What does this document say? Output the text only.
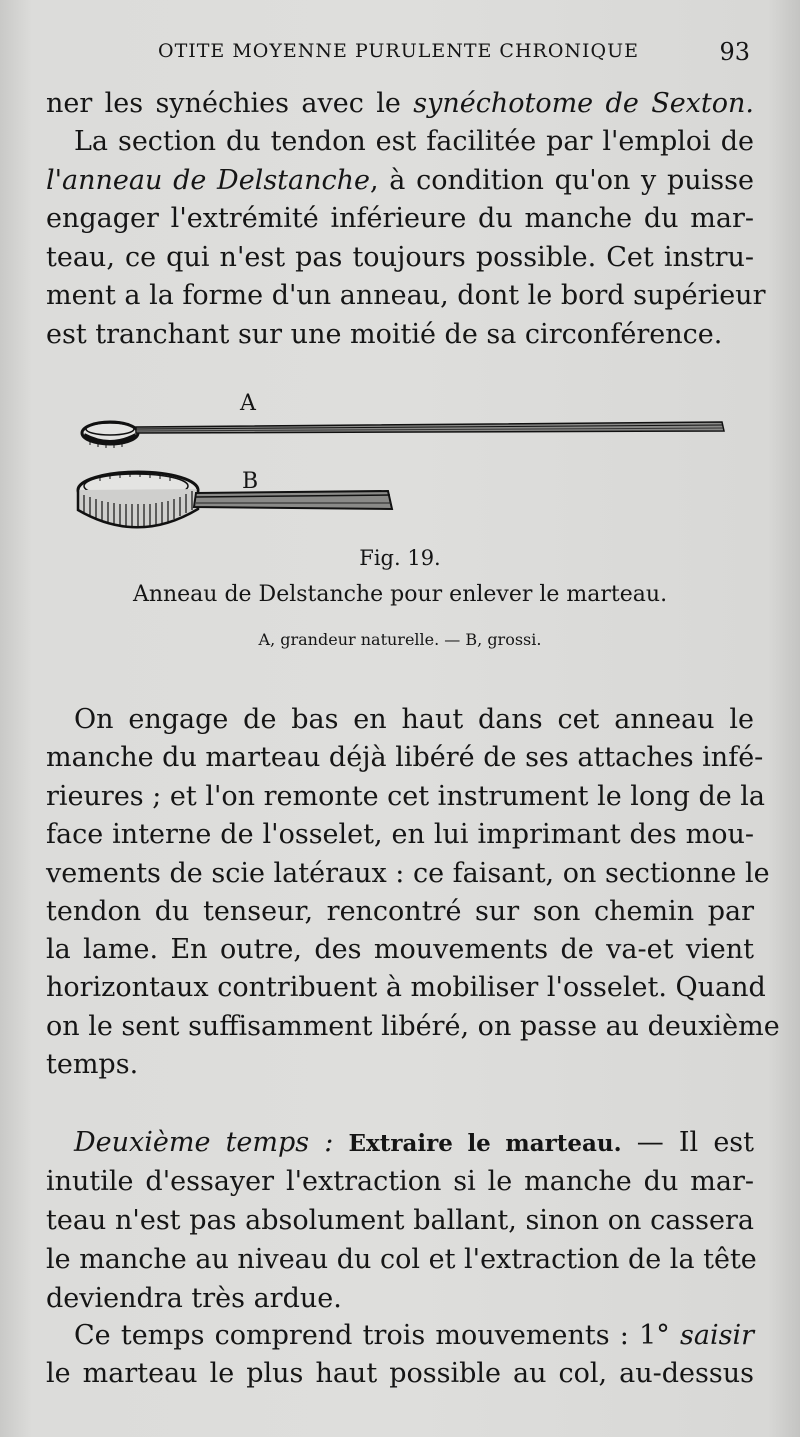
OTITE MOYENNE PURULENTE CHRONIQUE	93
ner les synéchies avec le synéchotome de Sexton.
La section du tendon est facilitée par l'emploi de
l'anneau de Delstanche, à condition qu'on y puisse
engager l'extrémité inférieure du manche du mar-
teau, ce qui n'est pas toujours possible. Cet instru-
ment a la forme d'un anneau, dont le bord supérieur
est tranchant sur une moitié de sa circonférence.
A
B
Fig. 19.
Anneau de Delstanche pour enlever le marteau.
A, grandeur naturelle. — B, grossi.
On engage de bas en haut dans cet anneau le
manche du marteau déjà libéré de ses attaches infé-
rieures ; et l'on remonte cet instrument le long de la
face interne de l'osselet, en lui imprimant des mou-
vements de scie latéraux : ce faisant, on sectionne le
tendon du tenseur, rencontré sur son chemin par
la lame. En outre, des mouvements de va-et vient
horizontaux contribuent à mobiliser l'osselet. Quand
on le sent suffisamment libéré, on passe au deuxième
temps.
Deuxième temps : Extraire le marteau. — Il est
inutile d'essayer l'extraction si le manche du mar-
teau n'est pas absolument ballant, sinon on cassera
le manche au niveau du col et l'extraction de la tête
deviendra très ardue.
Ce temps comprend trois mouvements : 1° saisir
le marteau le plus haut possible au col, au-dessus
